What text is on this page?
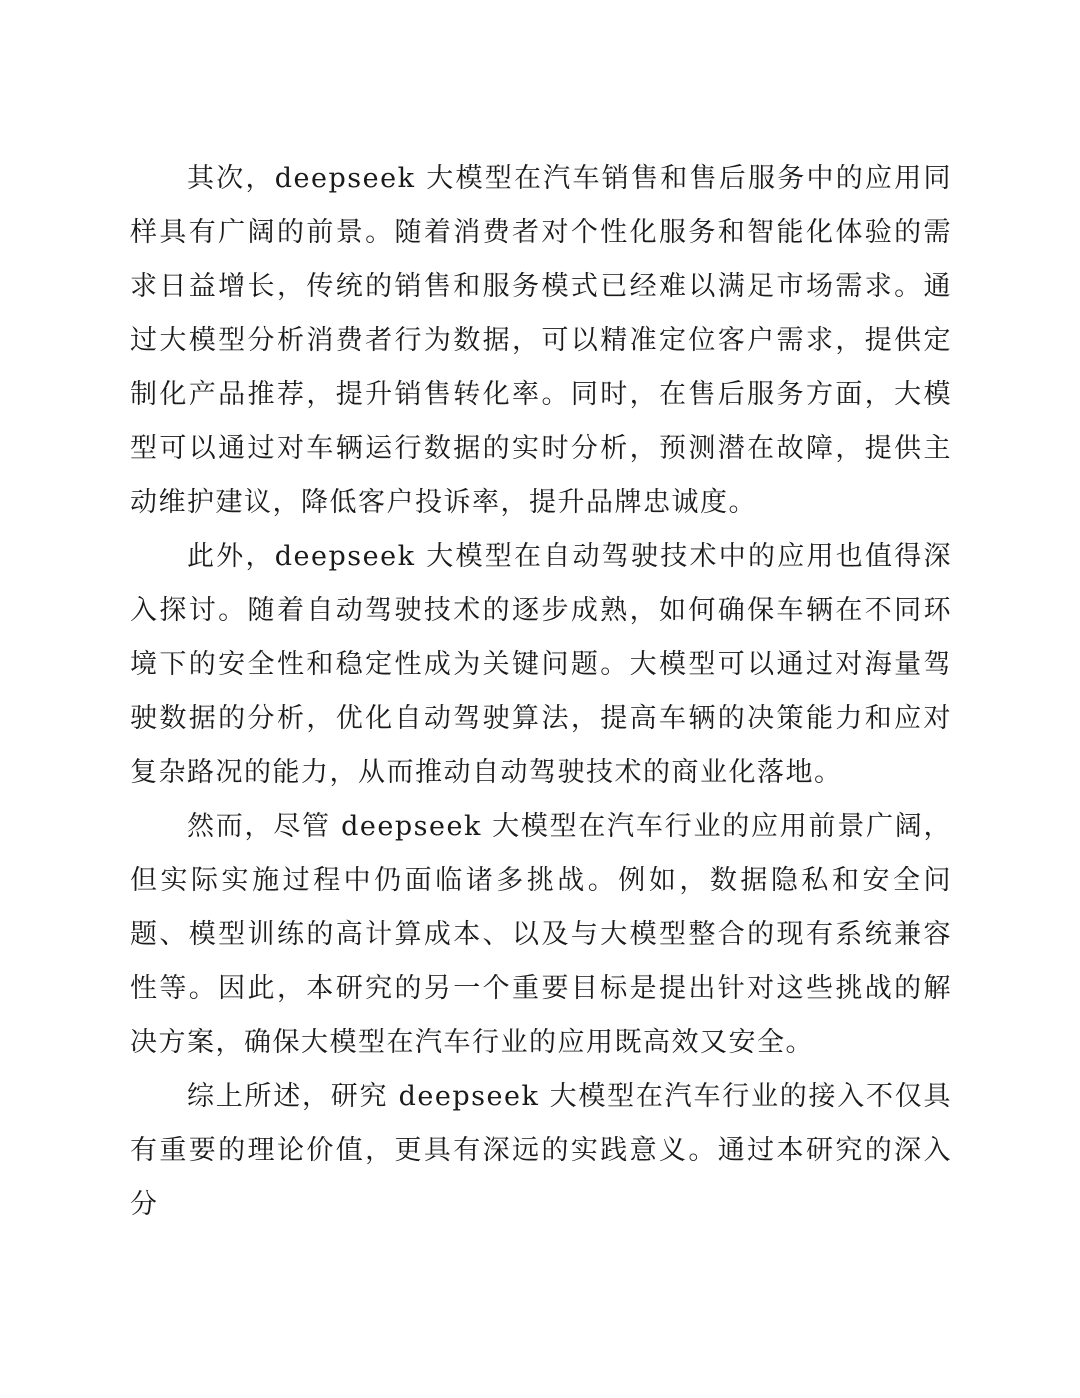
其次，deepseek 大模型在汽车销售和售后服务中的应用同样具有广阔的前景。随着消费者对个性化服务和智能化体验的需求日益增长，传统的销售和服务模式已经难以满足市场需求。通过大模型分析消费者行为数据，可以精准定位客户需求，提供定制化产品推荐，提升销售转化率。同时，在售后服务方面，大模型可以通过对车辆运行数据的实时分析，预测潜在故障，提供主动维护建议，降低客户投诉率，提升品牌忠诚度。

此外，deepseek 大模型在自动驾驶技术中的应用也值得深入探讨。随着自动驾驶技术的逐步成熟，如何确保车辆在不同环境下的安全性和稳定性成为关键问题。大模型可以通过对海量驾驶数据的分析，优化自动驾驶算法，提高车辆的决策能力和应对复杂路况的能力，从而推动自动驾驶技术的商业化落地。

然而，尽管 deepseek 大模型在汽车行业的应用前景广阔，但实际实施过程中仍面临诸多挑战。例如，数据隐私和安全问题、模型训练的高计算成本、以及与大模型整合的现有系统兼容性等。因此，本研究的另一个重要目标是提出针对这些挑战的解决方案，确保大模型在汽车行业的应用既高效又安全。

综上所述，研究 deepseek 大模型在汽车行业的接入不仅具有重要的理论价值，更具有深远的实践意义。通过本研究的深入分
